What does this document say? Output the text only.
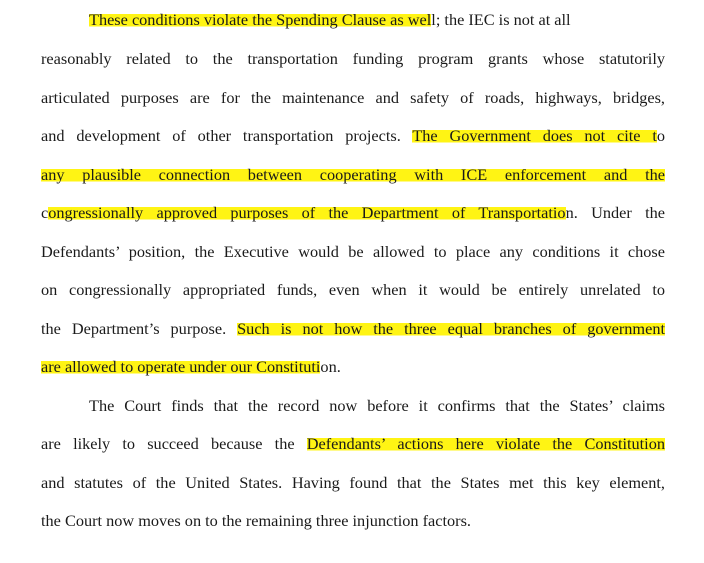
These conditions violate the Spending Clause as well; the IEC is not at all
reasonably related to the transportation funding program grants whose statutorily
articulated purposes are for the maintenance and safety of roads, highways, bridges,
and development of other transportation projects. The Government does not cite to
any plausible connection between cooperating with ICE enforcement and the
congressionally approved purposes of the Department of Transportation. Under the
Defendants’ position, the Executive would be allowed to place any conditions it chose
on congressionally appropriated funds, even when it would be entirely unrelated to
the Department’s purpose. Such is not how the three equal branches of government
are allowed to operate under our Constitution.
The Court finds that the record now before it confirms that the States’ claims
are likely to succeed because the Defendants’ actions here violate the Constitution
and statutes of the United States. Having found that the States met this key element,
the Court now moves on to the remaining three injunction factors.
